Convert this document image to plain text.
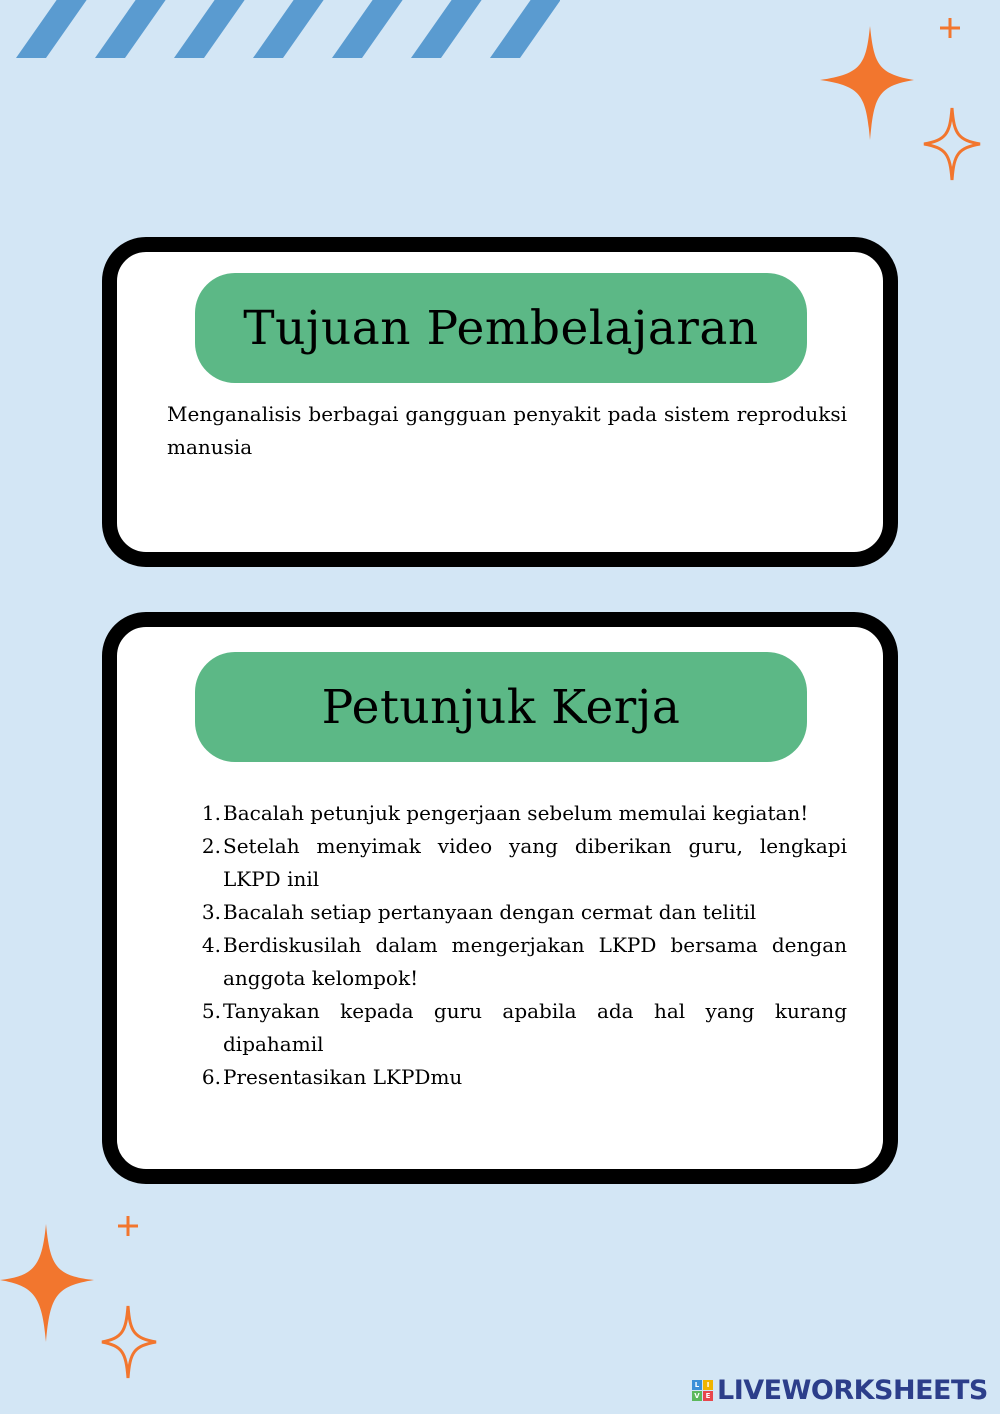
Tujuan Pembelajaran
Menganalisis berbagai gangguan penyakit pada sistem reproduksi manusia
Petunjuk Kerja
1. Bacalah petunjuk pengerjaan sebelum memulai kegiatan!
2. Setelah menyimak video yang diberikan guru, lengkapi LKPD inil
3. Bacalah setiap pertanyaan dengan cermat dan telitil
4. Berdiskusilah dalam mengerjakan LKPD bersama dengan anggota kelompok!
5. Tanyakan kepada guru apabila ada hal yang kurang dipahamil
6. Presentasikan LKPDmu
L	I
V E LIVEWORKSHEETS
